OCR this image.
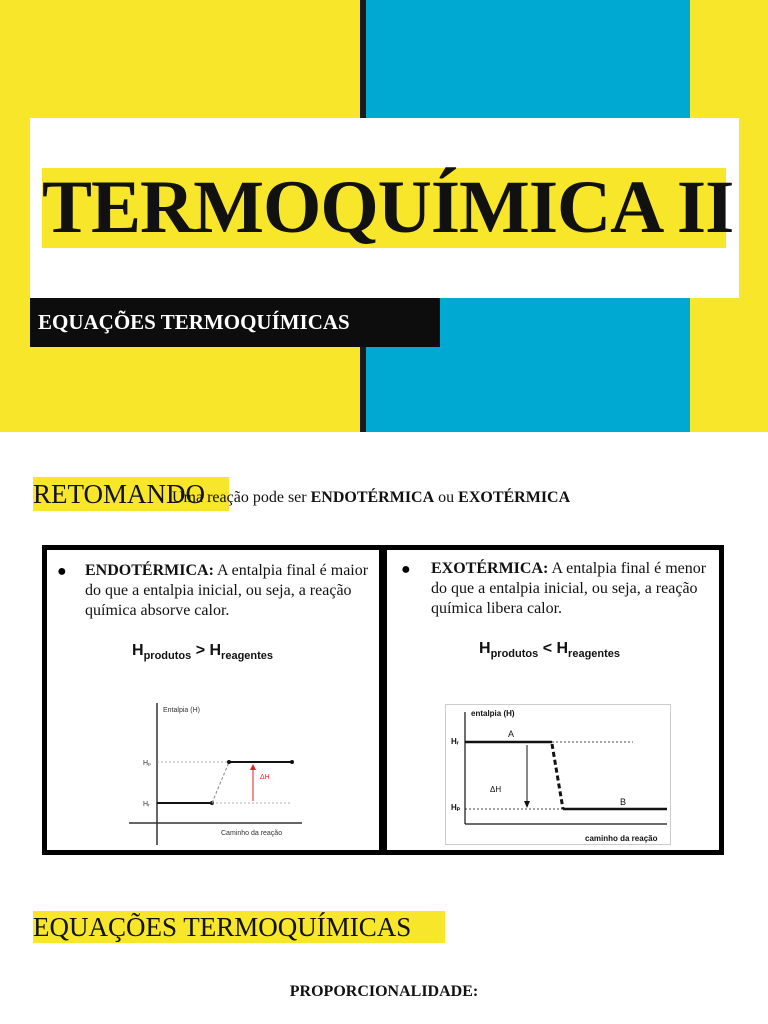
TERMOQUÍMICA II
EQUAÇÕES TERMOQUÍMICAS
RETOMANDO
Uma reação pode ser ENDOTÉRMICA ou EXOTÉRMICA
● ENDOTÉRMICA: A entalpia final é maior do que a entalpia inicial, ou seja, a reação química absorve calor.
$H_{produtos} > H_{reagentes}$
Entalpia (H)
Caminho da reação
Hₚ
Hᵣ
ΔH
● EXOTÉRMICA: A entalpia final é menor do que a entalpia inicial, ou seja, a reação química libera calor.
$H_{produtos} < H_{reagentes}$
entalpia (H)
caminho da reação
Hᵣ
Hₚ
ΔH
A
B
EQUAÇÕES TERMOQUÍMICAS
PROPORCIONALIDADE:
